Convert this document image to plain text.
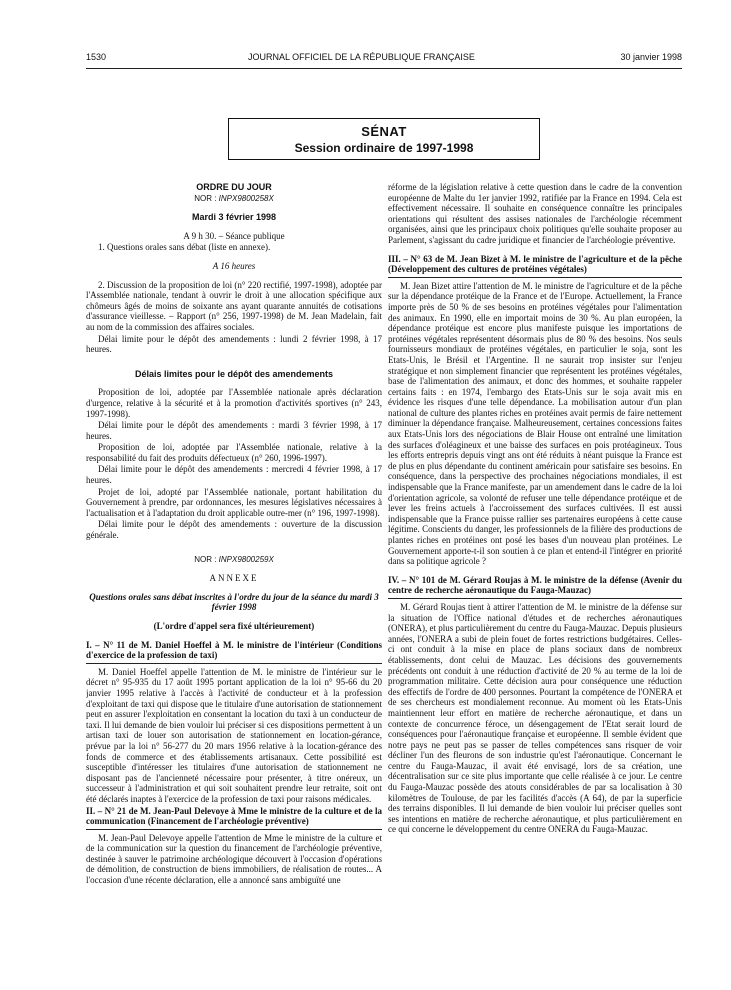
1530	JOURNAL OFFICIEL DE LA RÉPUBLIQUE FRANÇAISE	30 janvier 1998
SÉNAT
Session ordinaire de 1997-1998

ORDRE DU JOUR

NOR : INPX9800258X

Mardi 3 février 1998

A 9 h 30. – Séance publique

1. Questions orales sans débat (liste en annexe).

A 16 heures

2. Discussion de la proposition de loi (n° 220 rectifié, 1997-1998), adoptée par l'Assemblée nationale, tendant à ouvrir le droit à une allocation spécifique aux chômeurs âgés de moins de soixante ans ayant quarante annuités de cotisations d'assurance vieillesse. – Rapport (n° 256, 1997-1998) de M. Jean Madelain, fait au nom de la commission des affaires sociales.

Délai limite pour le dépôt des amendements : lundi 2 février 1998, à 17 heures.

Délais limites pour le dépôt des amendements

Proposition de loi, adoptée par l'Assemblée nationale après déclaration d'urgence, relative à la sécurité et à la promotion d'activités sportives (n° 243, 1997-1998).

Délai limite pour le dépôt des amendements : mardi 3 février 1998, à 17 heures.

Proposition de loi, adoptée par l'Assemblée nationale, relative à la responsabilité du fait des produits défectueux (n° 260, 1996-1997).

Délai limite pour le dépôt des amendements : mercredi 4 février 1998, à 17 heures.

Projet de loi, adopté par l'Assemblée nationale, portant habilitation du Gouvernement à prendre, par ordonnances, les mesures législatives nécessaires à l'actualisation et à l'adaptation du droit applicable outre-mer (n° 196, 1997-1998).

Délai limite pour le dépôt des amendements : ouverture de la discussion générale.

NOR : INPX9800259X

ANNEXE

Questions orales sans débat inscrites à l'ordre du jour de la séance du mardi 3 février 1998

(L'ordre d'appel sera fixé ultérieurement)

I. – N° 11 de M. Daniel Hoeffel à M. le ministre de l'intérieur (Conditions d'exercice de la profession de taxi)

M. Daniel Hoeffel appelle l'attention de M. le ministre de l'intérieur sur le décret n° 95-935 du 17 août 1995 portant application de la loi n° 95-66 du 20 janvier 1995 relative à l'accès à l'activité de conducteur et à la profession d'exploitant de taxi qui dispose que le titulaire d'une autorisation de stationnement peut en assurer l'exploitation en consentant la location du taxi à un conducteur de taxi. Il lui demande de bien vouloir lui préciser si ces dispositions permettent à un artisan taxi de louer son autorisation de stationnement en location-gérance, prévue par la loi n° 56-277 du 20 mars 1956 relative à la location-gérance des fonds de commerce et des établissements artisanaux. Cette possibilité est susceptible d'intéresser les titulaires d'une autorisation de stationnement ne disposant pas de l'ancienneté nécessaire pour présenter, à titre onéreux, un successeur à l'administration et qui soit souhaitent prendre leur retraite, soit ont été déclarés inaptes à l'exercice de la profession de taxi pour raisons médicales.

II. – N° 21 de M. Jean-Paul Delevoye à Mme le ministre de la culture et de la communication (Financement de l'archéologie préventive)

M. Jean-Paul Delevoye appelle l'attention de Mme le ministre de la culture et de la communication sur la question du financement de l'archéologie préventive, destinée à sauver le patrimoine archéologique découvert à l'occasion d'opérations de démolition, de construction de biens immobiliers, de réalisation de routes... A l'occasion d'une récente déclaration, elle a annoncé sans ambiguïté une

réforme de la législation relative à cette question dans le cadre de la convention européenne de Malte du 1er janvier 1992, ratifiée par la France en 1994. Cela est effectivement nécessaire. Il souhaite en conséquence connaître les principales orientations qui résultent des assises nationales de l'archéologie récemment organisées, ainsi que les principaux choix politiques qu'elle souhaite proposer au Parlement, s'agissant du cadre juridique et financier de l'archéologie préventive.

III. – N° 63 de M. Jean Bizet à M. le ministre de l'agriculture et de la pêche (Développement des cultures de protéines végétales)

M. Jean Bizet attire l'attention de M. le ministre de l'agriculture et de la pêche sur la dépendance protéique de la France et de l'Europe. Actuellement, la France importe près de 50 % de ses besoins en protéines végétales pour l'alimentation des animaux. En 1990, elle en importait moins de 30 %. Au plan européen, la dépendance protéique est encore plus manifeste puisque les importations de protéines végétales représentent désormais plus de 80 % des besoins. Nos seuls fournisseurs mondiaux de protéines végétales, en particulier le soja, sont les Etats-Unis, le Brésil et l'Argentine. Il ne saurait trop insister sur l'enjeu stratégique et non simplement financier que représentent les protéines végétales, base de l'alimentation des animaux, et donc des hommes, et souhaite rappeler certains faits : en 1974, l'embargo des Etats-Unis sur le soja avait mis en évidence les risques d'une telle dépendance. La mobilisation autour d'un plan national de culture des plantes riches en protéines avait permis de faire nettement diminuer la dépendance française. Malheureusement, certaines concessions faites aux Etats-Unis lors des négociations de Blair House ont entraîné une limitation des surfaces d'oléagineux et une baisse des surfaces en pois protéagineux. Tous les efforts entrepris depuis vingt ans ont été réduits à néant puisque la France est de plus en plus dépendante du continent américain pour satisfaire ses besoins. En conséquence, dans la perspective des prochaines négociations mondiales, il est indispensable que la France manifeste, par un amendement dans le cadre de la loi d'orientation agricole, sa volonté de refuser une telle dépendance protéique et de lever les freins actuels à l'accroissement des surfaces cultivées. Il est aussi indispensable que la France puisse rallier ses partenaires européens à cette cause légitime. Conscients du danger, les professionnels de la filière des productions de plantes riches en protéines ont posé les bases d'un nouveau plan protéines. Le Gouvernement apporte-t-il son soutien à ce plan et entend-il l'intégrer en priorité dans sa politique agricole ?

IV. – N° 101 de M. Gérard Roujas à M. le ministre de la défense (Avenir du centre de recherche aéronautique du Fauga-Mauzac)

M. Gérard Roujas tient à attirer l'attention de M. le ministre de la défense sur la situation de l'Office national d'études et de recherches aéronautiques (ONERA), et plus particulièrement du centre du Fauga-Mauzac. Depuis plusieurs années, l'ONERA a subi de plein fouet de fortes restrictions budgétaires. Celles-ci ont conduit à la mise en place de plans sociaux dans de nombreux établissements, dont celui de Mauzac. Les décisions des gouvernements précédents ont conduit à une réduction d'activité de 20 % au terme de la loi de programmation militaire. Cette décision aura pour conséquence une réduction des effectifs de l'ordre de 400 personnes. Pourtant la compétence de l'ONERA et de ses chercheurs est mondialement reconnue. Au moment où les Etats-Unis maintiennent leur effort en matière de recherche aéronautique, et dans un contexte de concurrence féroce, un désengagement de l'Etat serait lourd de conséquences pour l'aéronautique française et européenne. Il semble évident que notre pays ne peut pas se passer de telles compétences sans risquer de voir décliner l'un des fleurons de son industrie qu'est l'aéronautique. Concernant le centre du Fauga-Mauzac, il avait été envisagé, lors de sa création, une décentralisation sur ce site plus importante que celle réalisée à ce jour. Le centre du Fauga-Mauzac possède des atouts considérables de par sa localisation à 30 kilomètres de Toulouse, de par les facilités d'accès (A 64), de par la superficie des terrains disponibles. Il lui demande de bien vouloir lui préciser quelles sont ses intentions en matière de recherche aéronautique, et plus particulièrement en ce qui concerne le développement du centre ONERA du Fauga-Mauzac.
